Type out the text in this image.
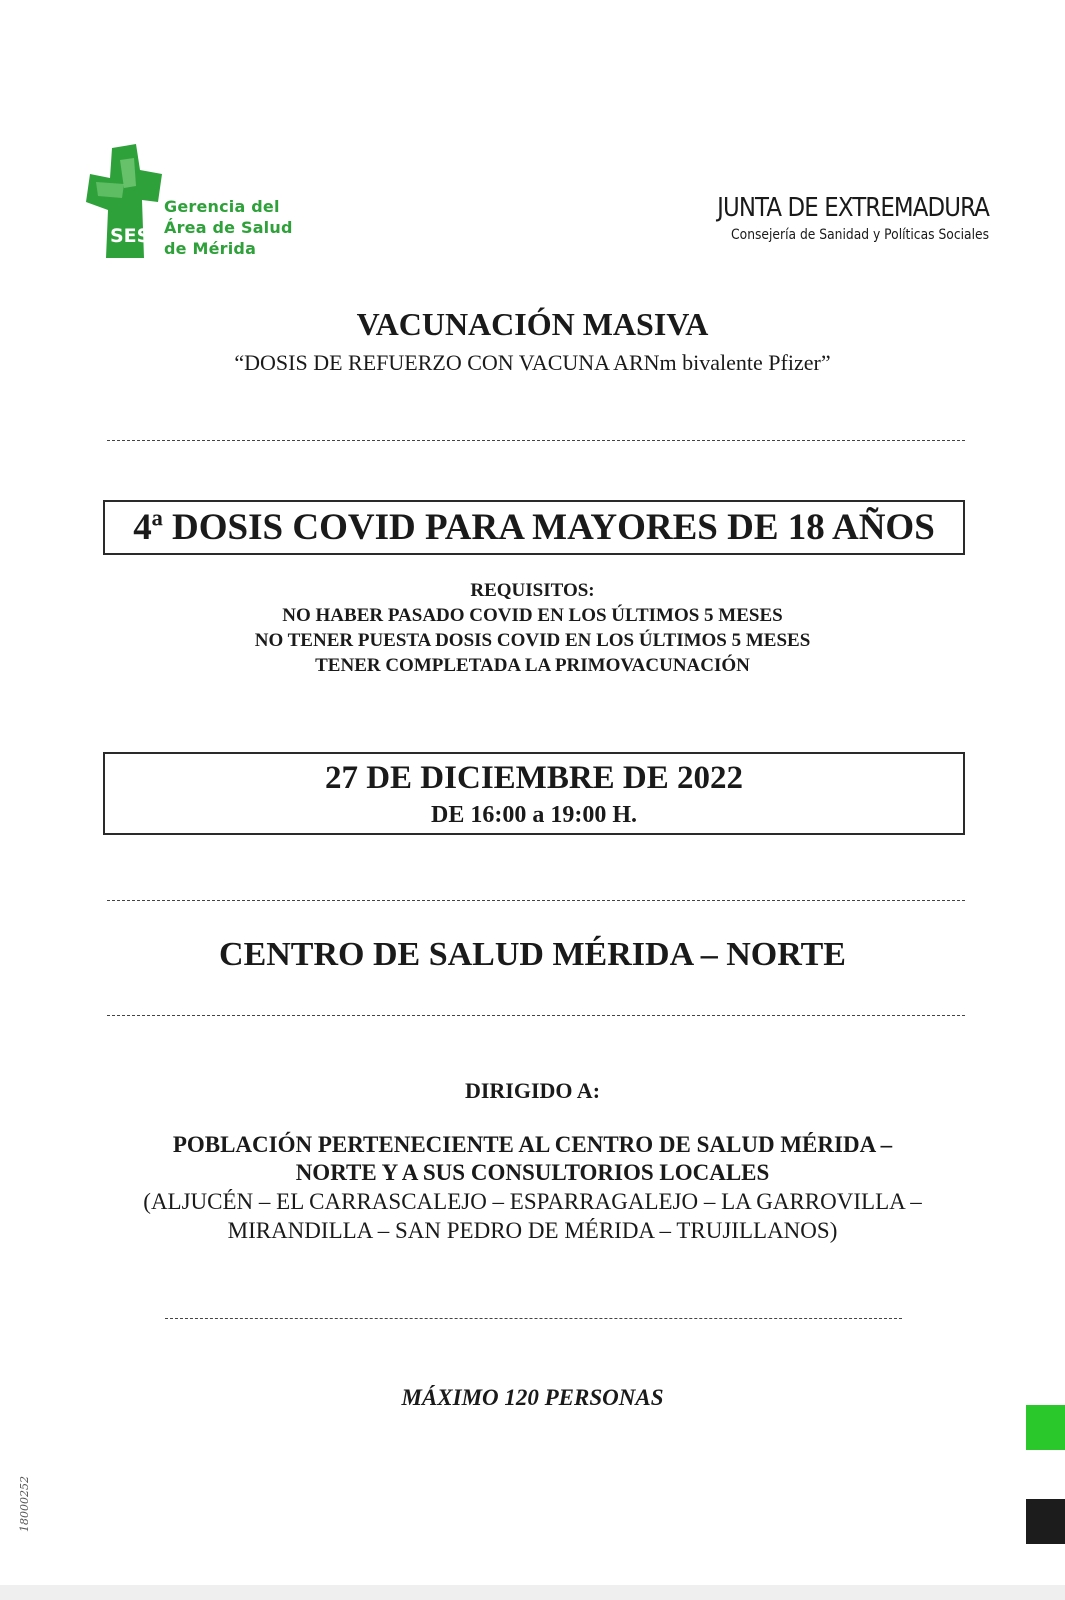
SES
Gerencia del
Área de Salud
de Mérida
JUNTA DE EXTREMADURA
Consejería de Sanidad y Políticas Sociales
VACUNACIÓN MASIVA
“DOSIS DE REFUERZO CON VACUNA ARNm bivalente Pfizer”
4ª DOSIS COVID PARA MAYORES DE 18 AÑOS
REQUISITOS:
NO HABER PASADO COVID EN LOS ÚLTIMOS 5 MESES
NO TENER PUESTA DOSIS COVID EN LOS ÚLTIMOS 5 MESES
TENER COMPLETADA LA PRIMOVACUNACIÓN
27 DE DICIEMBRE DE 2022
DE 16:00 a 19:00 H.
CENTRO DE SALUD MÉRIDA – NORTE
DIRIGIDO A:
POBLACIÓN PERTENECIENTE AL CENTRO DE SALUD MÉRIDA –
NORTE Y A SUS CONSULTORIOS LOCALES
(ALJUCÉN – EL CARRASCALEJO – ESPARRAGALEJO – LA GARROVILLA –
MIRANDILLA – SAN PEDRO DE MÉRIDA – TRUJILLANOS)
MÁXIMO 120 PERSONAS
18000252
